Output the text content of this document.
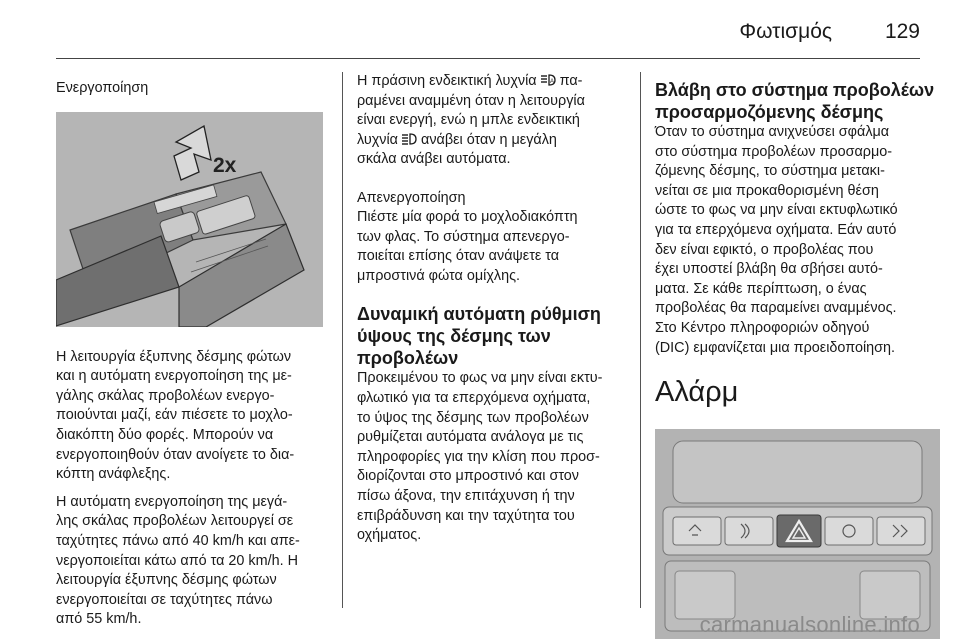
Φωτισμός	129

Ενεργοποίηση

2x

Η λειτουργία έξυπνης δέσμης φώτων

και η αυτόματη ενεργοποίηση της με‐

γάλης σκάλας προβολέων ενεργο‐

ποιούνται μαζί, εάν πιέσετε το μοχλο‐

διακόπτη δύο φορές. Μπορούν να

ενεργοποιηθούν όταν ανοίγετε το δια‐

κόπτη ανάφλεξης.

Η αυτόματη ενεργοποίηση της μεγά‐

λης σκάλας προβολέων λειτουργεί σε

ταχύτητες πάνω από 40 km/h και απε‐

νεργοποιείται κάτω από τα 20 km/h. Η

λειτουργία έξυπνης δέσμης φώτων

ενεργοποιείται σε ταχύτητες πάνω

από 55 km/h.

Η πράσινη ενδεικτική λυχνία A πα‐

ραμένει αναμμένη όταν η λειτουργία

είναι ενεργή, ενώ η μπλε ενδεικτική

λυχνία ανάβει όταν η μεγάλη

σκάλα ανάβει αυτόματα.

Απενεργοποίηση

Πιέστε μία φορά το μοχλοδιακόπτη

των φλας. Το σύστημα απενεργο‐

ποιείται επίσης όταν ανάψετε τα

μπροστινά φώτα ομίχλης.

Δυναμική αυτόματη ρύθμιση
ύψους της δέσμης των
προβολέων

Προκειμένου το φως να μην είναι εκτυ‐

φλωτικό για τα επερχόμενα οχήματα,

το ύψος της δέσμης των προβολέων

ρυθμίζεται αυτόματα ανάλογα με τις

πληροφορίες για την κλίση που προσ‐

διορίζονται στο μπροστινό και στον

πίσω άξονα, την επιτάχυνση ή την

επιβράδυνση και την ταχύτητα του

οχήματος.

Βλάβη στο σύστημα προβολέων
προσαρμοζόμενης δέσμης

Όταν το σύστημα ανιχνεύσει σφάλμα

στο σύστημα προβολέων προσαρμο‐

ζόμενης δέσμης, το σύστημα μετακι‐

νείται σε μια προκαθορισμένη θέση

ώστε το φως να μην είναι εκτυφλωτικό

για τα επερχόμενα οχήματα. Εάν αυτό

δεν είναι εφικτό, ο προβολέας που

έχει υποστεί βλάβη θα σβήσει αυτό‐

ματα. Σε κάθε περίπτωση, ο ένας

προβολέας θα παραμείνει αναμμένος.

Στο Κέντρο πληροφοριών οδηγού

(DIC) εμφανίζεται μια προειδοποίηση.

Αλάρμ
carmanualsonline.info
